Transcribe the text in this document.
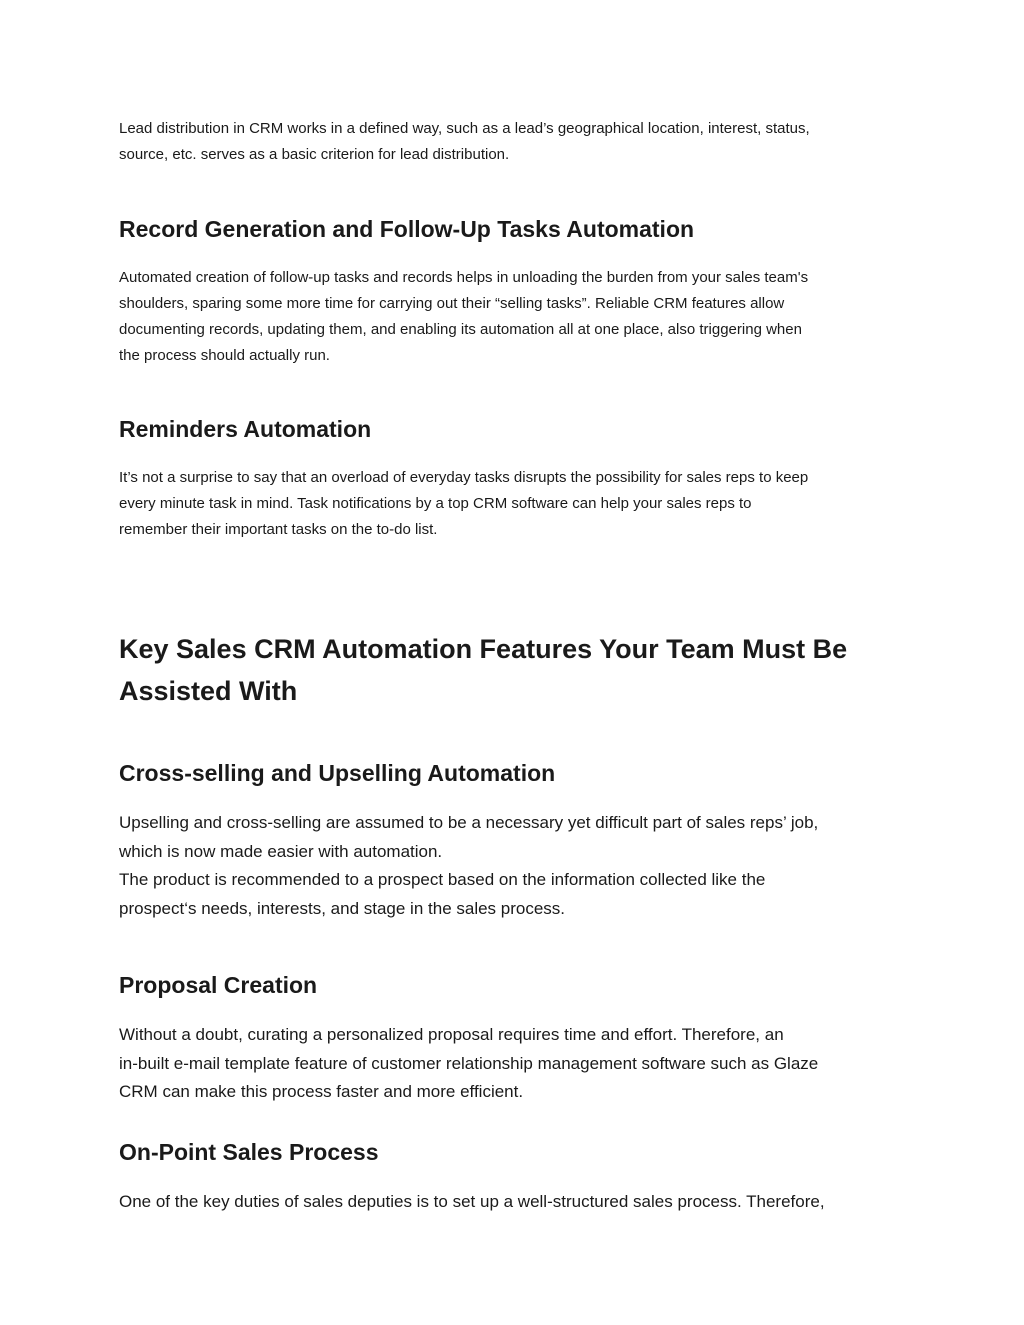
Lead distribution in CRM works in a defined way, such as a lead’s geographical location, interest, status,
source, etc. serves as a basic criterion for lead distribution.

Record Generation and Follow-Up Tasks Automation

Automated creation of follow-up tasks and records helps in unloading the burden from your sales team's
shoulders, sparing some more time for carrying out their “selling tasks”. Reliable CRM features allow
documenting records, updating them, and enabling its automation all at one place, also triggering when
the process should actually run.

Reminders Automation

It’s not a surprise to say that an overload of everyday tasks disrupts the possibility for sales reps to keep
every minute task in mind. Task notifications by a top CRM software can help your sales reps to
remember their important tasks on the to-do list.

Key Sales CRM Automation Features Your Team Must Be
Assisted With
Cross-selling and Upselling Automation

Upselling and cross-selling are assumed to be a necessary yet difficult part of sales reps’ job,
which is now made easier with automation.
The product is recommended to a prospect based on the information collected like the
prospect‘s needs, interests, and stage in the sales process.

Proposal Creation

Without a doubt, curating a personalized proposal requires time and effort. Therefore, an
in-built e-mail template feature of customer relationship management software such as Glaze
CRM can make this process faster and more efficient.

On-Point Sales Process

One of the key duties of sales deputies is to set up a well-structured sales process. Therefore,
